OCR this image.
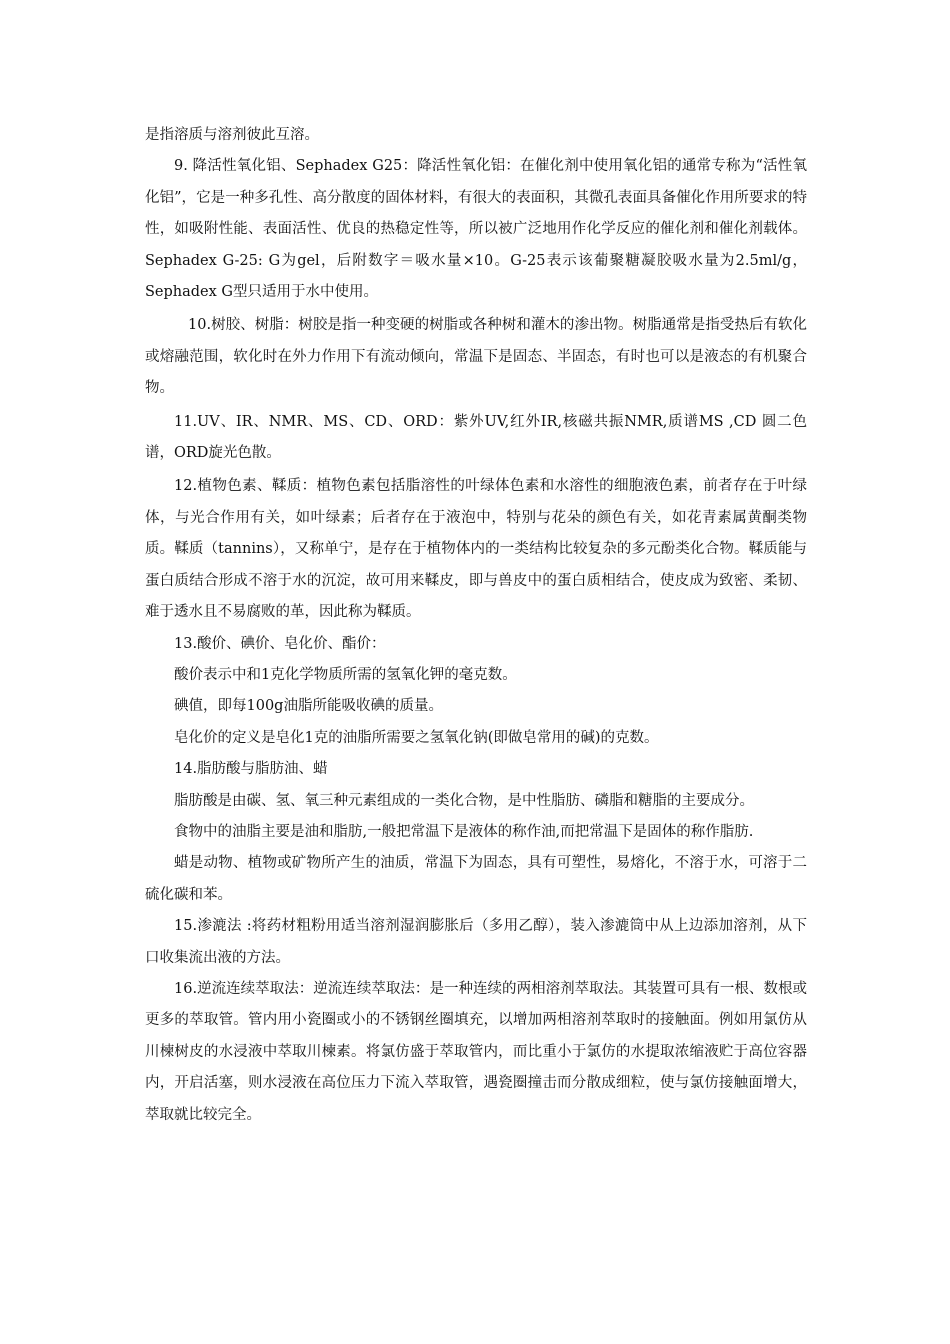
是指溶质与溶剂彼此互溶。

9. 降活性氧化铝、Sephadex G25：降活性氧化铝：在催化剂中使用氧化铝的通常专称为“活性氧化铝”，它是一种多孔性、高分散度的固体材料，有很大的表面积，其微孔表面具备催化作用所要求的特性，如吸附性能、表面活性、优良的热稳定性等，所以被广泛地用作化学反应的催化剂和催化剂载体。Sephadex G-25: G为gel，后附数字＝吸水量×10。G-25表示该葡聚糖凝胶吸水量为2.5ml/g，Sephadex G型只适用于水中使用。

10.树胶、树脂：树胶是指一种变硬的树脂或各种树和灌木的渗出物。树脂通常是指受热后有软化或熔融范围，软化时在外力作用下有流动倾向，常温下是固态、半固态，有时也可以是液态的有机聚合物。

11.UV、IR、NMR、MS、CD、ORD：紫外UV,红外IR,核磁共振NMR,质谱MS ,CD 圆二色谱，ORD旋光色散。

12.植物色素、鞣质：植物色素包括脂溶性的叶绿体色素和水溶性的细胞液色素，前者存在于叶绿体，与光合作用有关，如叶绿素；后者存在于液泡中，特别与花朵的颜色有关，如花青素属黄酮类物质。鞣质（tannins），又称单宁，是存在于植物体内的一类结构比较复杂的多元酚类化合物。鞣质能与蛋白质结合形成不溶于水的沉淀，故可用来鞣皮，即与兽皮中的蛋白质相结合，使皮成为致密、柔韧、难于透水且不易腐败的革，因此称为鞣质。

13.酸价、碘价、皂化价、酯价：

酸价表示中和1克化学物质所需的氢氧化钾的毫克数。

碘值，即每100g油脂所能吸收碘的质量。

皂化价的定义是皂化1克的油脂所需要之氢氧化钠(即做皂常用的碱)的克数。

14.脂肪酸与脂肪油、蜡

脂肪酸是由碳、氢、氧三种元素组成的一类化合物，是中性脂肪、磷脂和糖脂的主要成分。

食物中的油脂主要是油和脂肪,一般把常温下是液体的称作油,而把常温下是固体的称作脂肪.

蜡是动物、植物或矿物所产生的油质，常温下为固态，具有可塑性，易熔化，不溶于水，可溶于二硫化碳和苯。

15.渗漉法 :将药材粗粉用适当溶剂湿润膨胀后（多用乙醇），装入渗漉筒中从上边添加溶剂，从下口收集流出液的方法。

16.逆流连续萃取法：逆流连续萃取法：是一种连续的两相溶剂萃取法。其装置可具有一根、数根或更多的萃取管。管内用小瓷圈或小的不锈钢丝圈填充，以增加两相溶剂萃取时的接触面。例如用氯仿从川楝树皮的水浸液中萃取川楝素。将氯仿盛于萃取管内，而比重小于氯仿的水提取浓缩液贮于高位容器内，开启活塞，则水浸液在高位压力下流入萃取管，遇瓷圈撞击而分散成细粒，使与氯仿接触面增大，萃取就比较完全。
